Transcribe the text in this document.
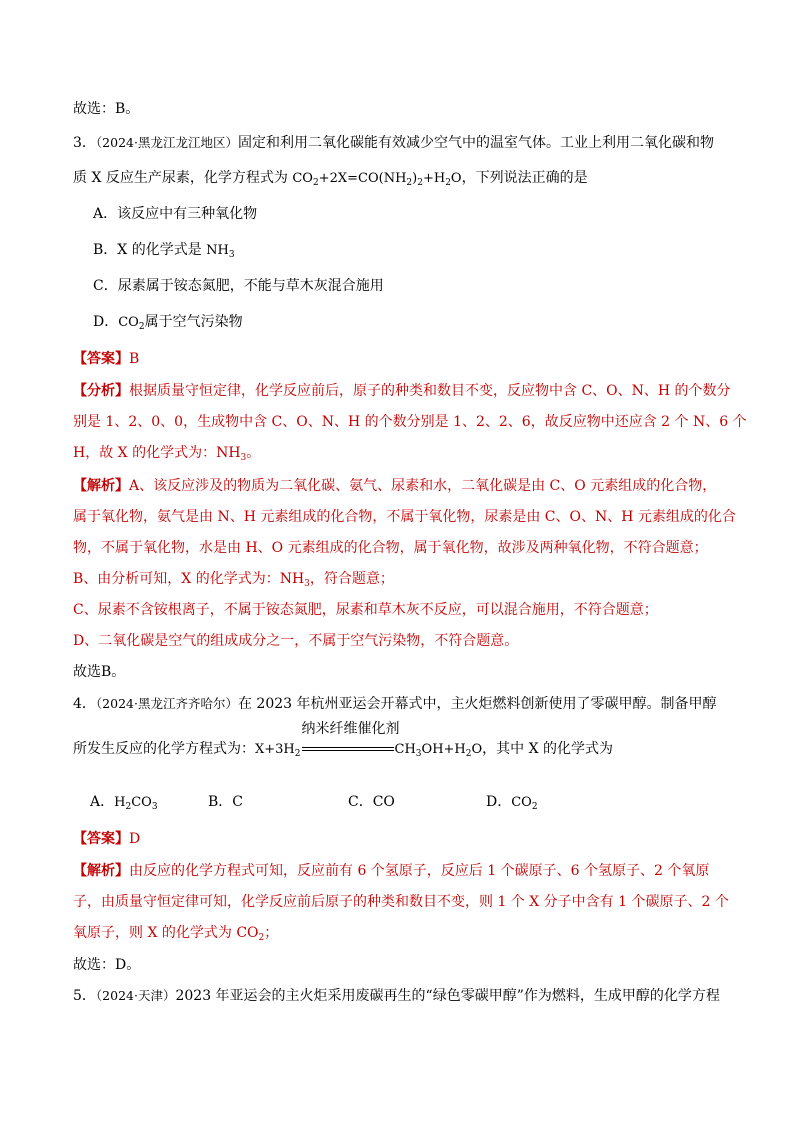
故选：B。
3．（2024·黑龙江龙江地区）固定和利用二氧化碳能有效减少空气中的温室气体。工业上利用二氧化碳和物
质 X 反应生产尿素，化学方程式为 $CO_2+2X=CO(NH_2)_2+H_2O$，下列说法正确的是
A．该反应中有三种氧化物
B．X 的化学式是 $NH_3$
C．尿素属于铵态氮肥，不能与草木灰混合施用
D．$CO_2$属于空气污染物
【答案】B
【分析】根据质量守恒定律，化学反应前后，原子的种类和数目不变，反应物中含 C、O、N、H 的个数分
别是 1、2、0、0，生成物中含 C、O、N、H 的个数分别是 1、2、2、6，故反应物中还应含 2 个 N、6 个
H，故 X 的化学式为：$NH_3$。
【解析】A、该反应涉及的物质为二氧化碳、氨气、尿素和水，二氧化碳是由 C、O 元素组成的化合物，
属于氧化物，氨气是由 N、H 元素组成的化合物，不属于氧化物，尿素是由 C、O、N、H 元素组成的化合
物，不属于氧化物，水是由 H、O 元素组成的化合物，属于氧化物，故涉及两种氧化物，不符合题意；
B、由分析可知，X 的化学式为：$NH_3$，符合题意；
C、尿素不含铵根离子，不属于铵态氮肥，尿素和草木灰不反应，可以混合施用，不符合题意；
D、二氧化碳是空气的组成成分之一，不属于空气污染物，不符合题意。
故选B。
4．（2024·黑龙江齐齐哈尔）在 2023 年杭州亚运会开幕式中，主火炬燃料创新使用了零碳甲醇。制备甲醇
所发生反应的化学方程式为：$X+3H_2$
纳米纤维催化剂
$CH_3OH+H_2O$，其中 X 的化学式为
A．$H_2CO_3$	B．C	C．CO	D．$CO_2$
【答案】D
【解析】由反应的化学方程式可知，反应前有 6 个氢原子，反应后 1 个碳原子、6 个氢原子、2 个氧原
子，由质量守恒定律可知，化学反应前后原子的种类和数目不变，则 1 个 X 分子中含有 1 个碳原子、2 个
氧原子，则 X 的化学式为 $CO_2$；
故选：D。
5．（2024·天津）2023 年亚运会的主火炬采用废碳再生的“绿色零碳甲醇”作为燃料，生成甲醇的化学方程
